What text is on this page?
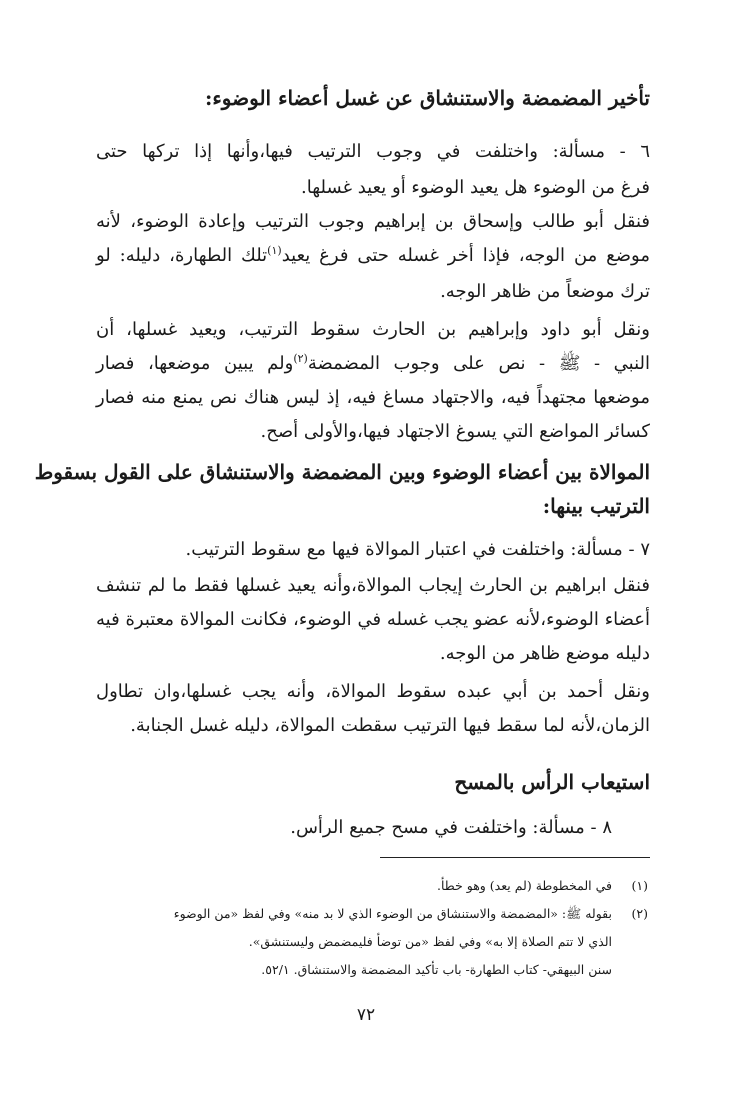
تأخير المضمضة والاستنشاق عن غسل أعضاء الوضوء:
٦ - مسألة: واختلفت في وجوب الترتيب فيها،وأنها إذا تركها حتى
فرغ من الوضوء هل يعيد الوضوء أو يعيد غسلها.
فنقل أبو طالب وإسحاق بن إبراهيم وجوب الترتيب وإعادة الوضوء، لأنه
موضع من الوجه، فإذا أخر غسله حتى فرغ يعيد$^{(١)}$تلك الطهارة، دليله: لو
ترك موضعاً من ظاهر الوجه.
ونقل أبو داود وإبراهيم بن الحارث سقوط الترتيب، ويعيد غسلها، أن
النبي - ﷺ - نص على وجوب المضمضة$^{(٢)}$ولم يبين موضعها، فصار
موضعها مجتهداً فيه، والاجتهاد مساغ فيه، إذ ليس هناك نص يمنع منه فصار
كسائر المواضع التي يسوغ الاجتهاد فيها،والأولى أصح.
الموالاة بين أعضاء الوضوء وبين المضمضة والاستنشاق على القول بسقوط
الترتيب بينها:
٧ - مسألة: واختلفت في اعتبار الموالاة فيها مع سقوط الترتيب.
فنقل ابراهيم بن الحارث إيجاب الموالاة،وأنه يعيد غسلها فقط ما لم تنشف
أعضاء الوضوء،لأنه عضو يجب غسله في الوضوء، فكانت الموالاة معتبرة فيه
دليله موضع ظاهر من الوجه.
ونقل أحمد بن أبي عبده سقوط الموالاة، وأنه يجب غسلها،وان تطاول
الزمان،لأنه لما سقط فيها الترتيب سقطت الموالاة، دليله غسل الجنابة.
استيعاب الرأس بالمسح
٨ - مسألة: واختلفت في مسح جميع الرأس.
(١)
في المخطوطة (لم يعد) وهو خطأ.
(٢)
بقوله ﷺ: «المضمضة والاستنشاق من الوضوء الذي لا بد منه» وفي لفظ «من الوضوء
الذي لا تتم الصلاة إلا به» وفي لفظ «من توضأ فليمضمض وليستنشق».
سنن البيهقي- كتاب الطهارة- باب تأكيد المضمضة والاستنشاق. ٥٢/١.
٧٢
